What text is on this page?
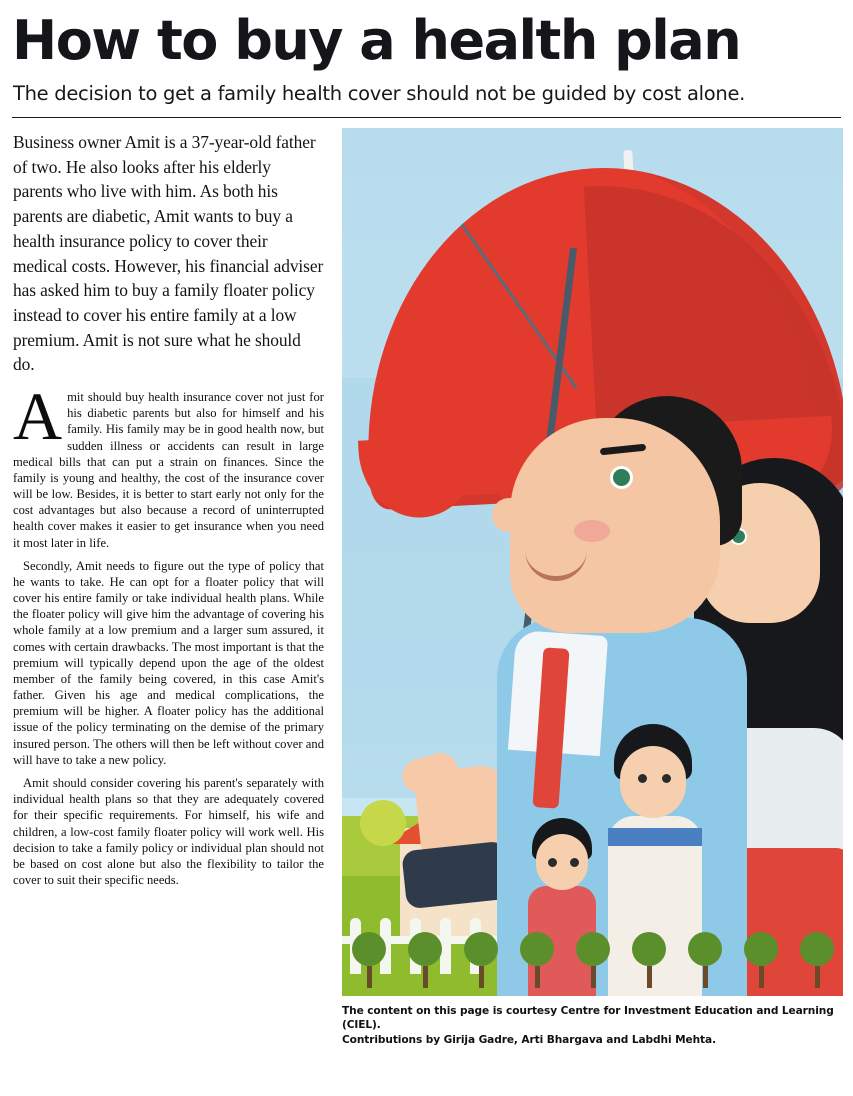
How to buy a health plan
The decision to get a family health cover should not be guided by cost alone.
Business owner Amit is a 37-year-old father of two. He also looks after his elderly parents who live with him. As both his parents are diabetic, Amit wants to buy a health insurance policy to cover their medical costs. However, his financial adviser has asked him to buy a family floater policy instead to cover his entire family at a low premium. Amit is not sure what he should do.

Amit should buy health insurance cover not just for his diabetic parents but also for himself and his family. His family may be in good health now, but sudden illness or accidents can result in large medical bills that can put a strain on finances. Since the family is young and healthy, the cost of the insurance cover will be low. Besides, it is better to start early not only for the cost advantages but also because a record of uninterrupted health cover makes it easier to get insurance when you need it most later in life.

Secondly, Amit needs to figure out the type of policy that he wants to take. He can opt for a floater policy that will cover his entire family or take individual health plans. While the floater policy will give him the advantage of covering his whole family at a low premium and a larger sum assured, it comes with certain drawbacks. The most important is that the premium will typically depend upon the age of the oldest member of the family being covered, in this case Amit's father. Given his age and medical complications, the premium will be higher. A floater policy has the additional issue of the policy terminating on the demise of the primary insured person. The others will then be left without cover and will have to take a new policy.

Amit should consider covering his parent's separately with individual health plans so that they are adequately covered for their specific requirements. For himself, his wife and children, a low-cost family floater policy will work well. His decision to take a family policy or individual plan should not be based on cost alone but also the flexibility to tailor the cover to suit their specific needs.

The content on this page is courtesy Centre for Investment Education and Learning (CIEL).
Contributions by Girija Gadre, Arti Bhargava and Labdhi Mehta.
